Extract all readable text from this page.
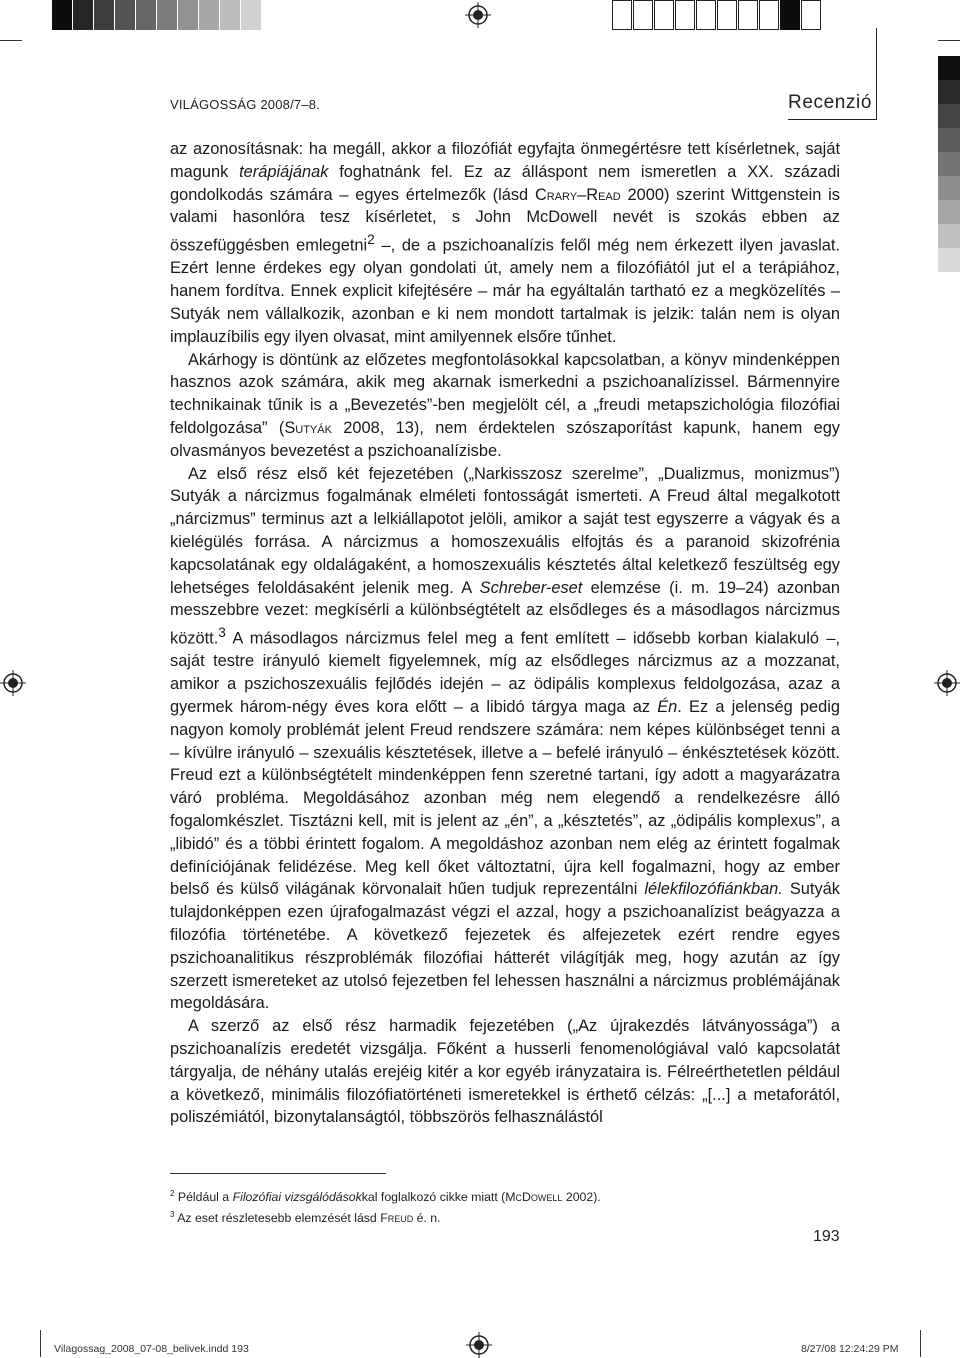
VILÁGOSSÁG 2008/7–8.	Recenzió

az azonosításnak: ha megáll, akkor a filozófiát egyfajta önmegértésre tett kísérletnek, saját magunk terápiájának foghatnánk fel. Ez az álláspont nem ismeretlen a XX. századi gondolkodás számára – egyes értelmezők (lásd Crary–Read 2000) szerint Wittgenstein is valami hasonlóra tesz kísérletet, s John McDowell nevét is szokás ebben az összefüggésben emlegetni$^2$ –, de a pszichoanalízis felől még nem érkezett ilyen javaslat. Ezért lenne érdekes egy olyan gondolati út, amely nem a filozófiától jut el a terápiához, hanem fordítva. Ennek explicit kifejtésére – már ha egyáltalán tartható ez a megközelítés – Sutyák nem vállalkozik, azonban e ki nem mondott tartalmak is jelzik: talán nem is olyan implauzíbilis egy ilyen olvasat, mint amilyennek elsőre tűnhet.

Akárhogy is döntünk az előzetes megfontolásokkal kapcsolatban, a könyv mindenképpen hasznos azok számára, akik meg akarnak ismerkedni a pszichoanalízissel. Bármennyire technikainak tűnik is a „Bevezetés”-ben megjelölt cél, a „freudi metapszichológia filozófiai feldolgozása” (Sutyák 2008, 13), nem érdektelen szószaporítást kapunk, hanem egy olvasmányos bevezetést a pszichoanalízisbe.

Az első rész első két fejezetében („Narkisszosz szerelme”, „Dualizmus, monizmus”) Sutyák a nárcizmus fogalmának elméleti fontosságát ismerteti. A Freud által megalkotott „nárcizmus” terminus azt a lelkiállapotot jelöli, amikor a saját test egyszerre a vágyak és a kielégülés forrása. A nárcizmus a homoszexuális elfojtás és a paranoid skizofrénia kapcsolatának egy oldalágaként, a homoszexuális késztetés által keletkező feszültség egy lehetséges feloldásaként jelenik meg. A Schreber-eset elemzése (i. m. 19–24) azonban messzebbre vezet: megkísérli a különbségtételt az elsődleges és a másodlagos nárcizmus között.$^3$ A másodlagos nárcizmus felel meg a fent említett – idősebb korban kialakuló –, saját testre irányuló kiemelt figyelemnek, míg az elsődleges nárcizmus az a mozzanat, amikor a pszichoszexuális fejlődés idején – az ödipális komplexus feldolgozása, azaz a gyermek három-négy éves kora előtt – a libidó tárgya maga az Én. Ez a jelenség pedig nagyon komoly problémát jelent Freud rendszere számára: nem képes különbséget tenni a – kívülre irányuló – szexuális késztetések, illetve a – befelé irányuló – énkésztetések között. Freud ezt a különbségtételt mindenképpen fenn szeretné tartani, így adott a magyarázatra váró probléma. Megoldásához azonban még nem elegendő a rendelkezésre álló fogalomkészlet. Tisztázni kell, mit is jelent az „én”, a „késztetés”, az „ödipális komplexus”, a „libidó” és a többi érintett fogalom. A megoldáshoz azonban nem elég az érintett fogalmak definíciójának felidézése. Meg kell őket változtatni, újra kell fogalmazni, hogy az ember belső és külső világának körvonalait hűen tudjuk reprezentálni lélekfilozófiánkban. Sutyák tulajdonképpen ezen újrafogalmazást végzi el azzal, hogy a pszichoanalízist beágyazza a filozófia történetébe. A következő fejezetek és alfejezetek ezért rendre egyes pszichoanalitikus részproblémák filozófiai hátterét világítják meg, hogy azután az így szerzett ismereteket az utolsó fejezetben fel lehessen használni a nárcizmus problémájának megoldására.

A szerző az első rész harmadik fejezetében („Az újrakezdés látványossága”) a pszichoanalízis eredetét vizsgálja. Főként a husserli fenomenológiával való kapcsolatát tárgyalja, de néhány utalás erejéig kitér a kor egyéb irányzataira is. Félreérthetetlen például a következő, minimális filozófiatörténeti ismeretekkel is érthető célzás: „[...] a metaforától, poliszémiától, bizonytalanságtól, többszörös felhasználástól

$^2$ Például a Filozófiai vizsgálódásokkal foglalkozó cikke miatt (McDowell 2002).
$^3$ Az eset részletesebb elemzését lásd Freud é. n.
193
Vilagossag_2008_07-08_belivek.indd 193	8/27/08 12:24:29 PM
